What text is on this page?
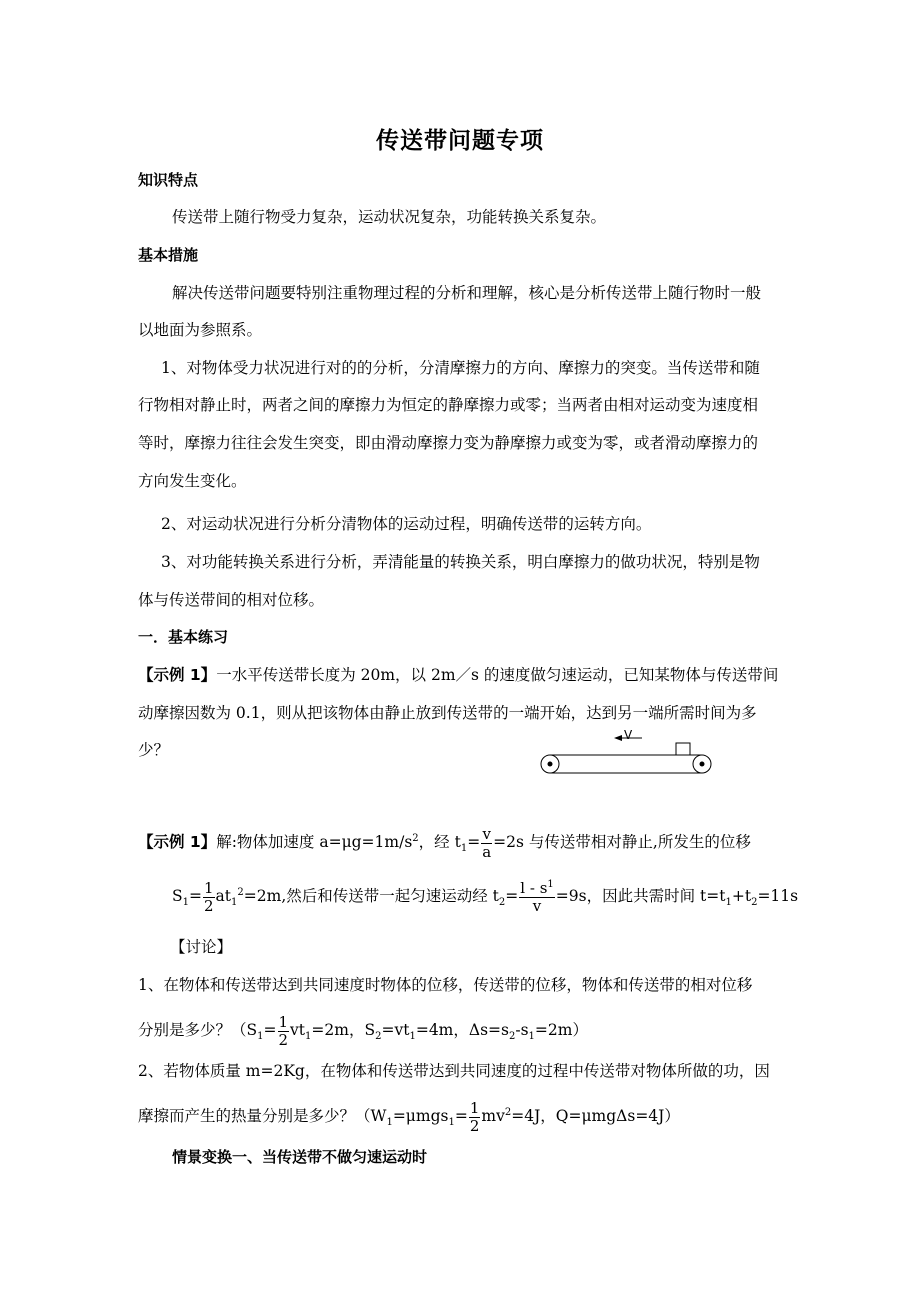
传送带问题专项
知识特点
传送带上随行物受力复杂，运动状况复杂，功能转换关系复杂。
基本措施
解决传送带问题要特别注重物理过程的分析和理解，核心是分析传送带上随行物时一般
以地面为参照系。
1、对物体受力状况进行对的的分析，分清摩擦力的方向、摩擦力的突变。当传送带和随
行物相对静止时，两者之间的摩擦力为恒定的静摩擦力或零；当两者由相对运动变为速度相
等时，摩擦力往往会发生突变，即由滑动摩擦力变为静摩擦力或变为零，或者滑动摩擦力的
方向发生变化。
2、对运动状况进行分析分清物体的运动过程，明确传送带的运转方向。
3、对功能转换关系进行分析，弄清能量的转换关系，明白摩擦力的做功状况，特别是物
体与传送带间的相对位移。
一．基本练习
【示例 1】一水平传送带长度为 20m，以 2m／s 的速度做匀速运动，已知某物体与传送带间
动摩擦因数为 0.1，则从把该物体由静止放到传送带的一端开始，达到另一端所需时间为多
少？
V
【示例 1】解:物体加速度 $a=\mu g=1m/s^2$，经 $t_1= \frac{v}{a} =2s$ 与传送带相对静止,所发生的位移
$S_1= \frac{1}{2} at_1^2=2m$,然后和传送带一起匀速运动经 $t_2= \frac{l - s^1}{v} =9s$，因此共需时间 $t=t_1+t_2=11s$
【讨论】
1、在物体和传送带达到共同速度时物体的位移，传送带的位移，物体和传送带的相对位移
分别是多少？（$S_1= \frac{1}{2} vt_1=2m$，$S_2=vt_1=4m$，$\Delta s=s_2-s_1=2m$）
2、若物体质量 m=2Kg，在物体和传送带达到共同速度的过程中传送带对物体所做的功，因
摩擦而产生的热量分别是多少？（$W_1=\mu mgs_1= \frac{1}{2} mv^2=4J$，Q=μmgΔs=4J）
情景变换一、当传送带不做匀速运动时
